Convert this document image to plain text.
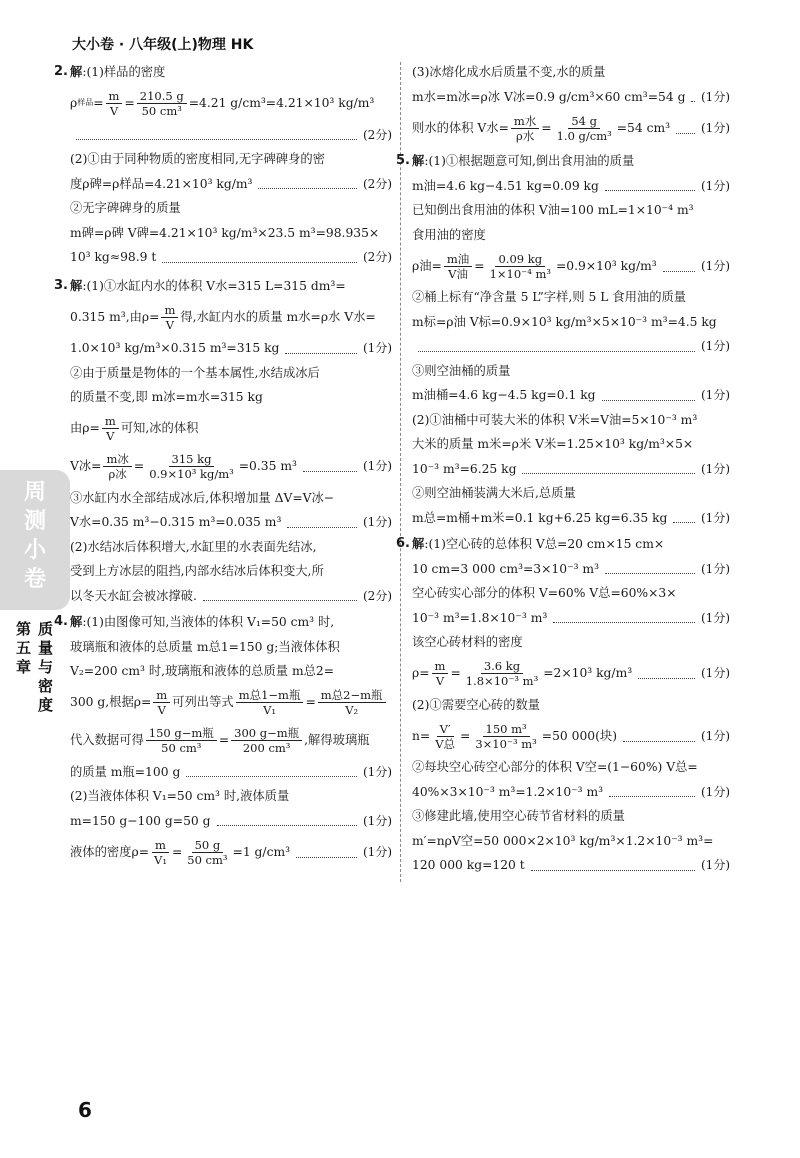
大小卷 · 八年级(上)物理 HK
周测小卷
第五章
质量与密度
2. 解 :(1)样品的密度
ρ 样品 = $\frac{m}{V} = \frac{210.5 g}{\text{50 cm³}} =4.21$ g/cm³=4.21×10³ kg/m³
(2分)
(2)①由于同种物质的密度相同,无字碑碑身的密
度ρ碑=ρ样品=4.21×10³ kg/m³	(2分)
②无字碑碑身的质量
m碑=ρ碑 V碑=4.21×10³ kg/m³×23.5 m³=98.935×
10³ kg≈98.9 t	(2分)
3. 解 :(1)①水缸内水的体积 V水=315 L=315 dm³=
0.315 m³,由$\rho= \frac{m}{V}$ 得,水缸内水的质量 m水=ρ水 V水=
1.0×10³ kg/m³×0.315 m³=315 kg	(1分)
②由于质量是物体的一个基本属性,水结成冰后
的质量不变,即 m冰=m水=315 kg
由$\rho= \frac{m}{V}$ 可知,冰的体积
V冰= $\frac{\text{m冰}}{\text{ρ冰}} = \frac{315 kg}{\text{0.9×10³ kg/m³}} =0.35$ m³	(1分)
③水缸内水全部结成冰后,体积增加量 ΔV=V冰−
V水=0.35 m³−0.315 m³=0.035 m³	(1分)
(2)水结冰后体积增大,水缸里的水表面先结冰,
受到上方冰层的阻挡,内部水结冰后体积变大,所
以冬天水缸会被冰撑破.	(2分)
4. 解 :(1)由图像可知,当液体的体积 V₁=50 cm³ 时,
玻璃瓶和液体的总质量 m总1=150 g;当液体体积
V₂=200 cm³ 时,玻璃瓶和液体的总质量 m总2=
300 g,根据$\rho= \frac{m}{V}$ 可列出等式 $\frac{\text{m总1−m瓶}}{\text{V₁}} = \frac{\text{m总2−m瓶}}{\text{V₂}}$
代入数据可得 $\frac{\text{150 g−m瓶}}{\text{50 cm³}} = \frac{\text{300 g−m瓶}}{\text{200 cm³}}$ ,解得玻璃瓶
的质量 m瓶=100 g	(1分)
(2)当液体体积 V₁=50 cm³ 时,液体质量
m=150 g−100 g=50 g	(1分)
液体的密度$\rho= \frac{m}{\text{V₁}} = \frac{50 g}{\text{50 cm³}} =1$ g/cm³	(1分)
(3)冰熔化成水后质量不变,水的质量
m水=m冰=ρ冰 V冰=0.9 g/cm³×60 cm³=54 g (1分)
则水的体积 V水= $\frac{\text{m水}}{\text{ρ水}} = \frac{54 g}{\text{1.0 g/cm³}} =54$ cm³	(1分)
5. 解 :(1)①根据题意可知,倒出食用油的质量
m油=4.6 kg−4.51 kg=0.09 kg	(1分)
已知倒出食用油的体积 V油=100 mL=1×10⁻⁴ m³
食用油的密度
ρ油= $\frac{\text{m油}}{\text{V油}} = \frac{0.09 kg}{\text{1×10⁻⁴ m³}} =0.9\times 10^3$ kg/m³	(1分)
②桶上标有“净含量 5 L”字样,则 5 L 食用油的质量
m标=ρ油 V标=0.9×10³ kg/m³×5×10⁻³ m³=4.5 kg
(1分)
③则空油桶的质量
m油桶=4.6 kg−4.5 kg=0.1 kg	(1分)
(2)①油桶中可装大米的体积 V米=V油=5×10⁻³ m³
大米的质量 m米=ρ米 V米=1.25×10³ kg/m³×5×
10⁻³ m³=6.25 kg	(1分)
②则空油桶装满大米后,总质量
m总=m桶+m米=0.1 kg+6.25 kg=6.35 kg	(1分)
6. 解 :(1)空心砖的总体积 V总=20 cm×15 cm×
10 cm=3 000 cm³=3×10⁻³ m³	(1分)
空心砖实心部分的体积 V=60% V总=60%×3×
10⁻³ m³=1.8×10⁻³ m³	(1分)
该空心砖材料的密度
$\rho= \frac{m}{V} = \frac{3.6 kg}{\text{1.8×10⁻³ m³}} =2\times 10^3$ kg/m³	(1分)
(2)①需要空心砖的数量
$n= \frac{V'}{\text{V总}} = \frac{\text{150 m³}}{\text{3×10⁻³ m³}} =50$ 000(块)	(1分)
②每块空心砖空心部分的体积 V空=(1−60%) V总=
40%×3×10⁻³ m³=1.2×10⁻³ m³	(1分)
③修建此墙,使用空心砖节省材料的质量
m′=nρV空=50 000×2×10³ kg/m³×1.2×10⁻³ m³=
120 000 kg=120 t	(1分)
6
